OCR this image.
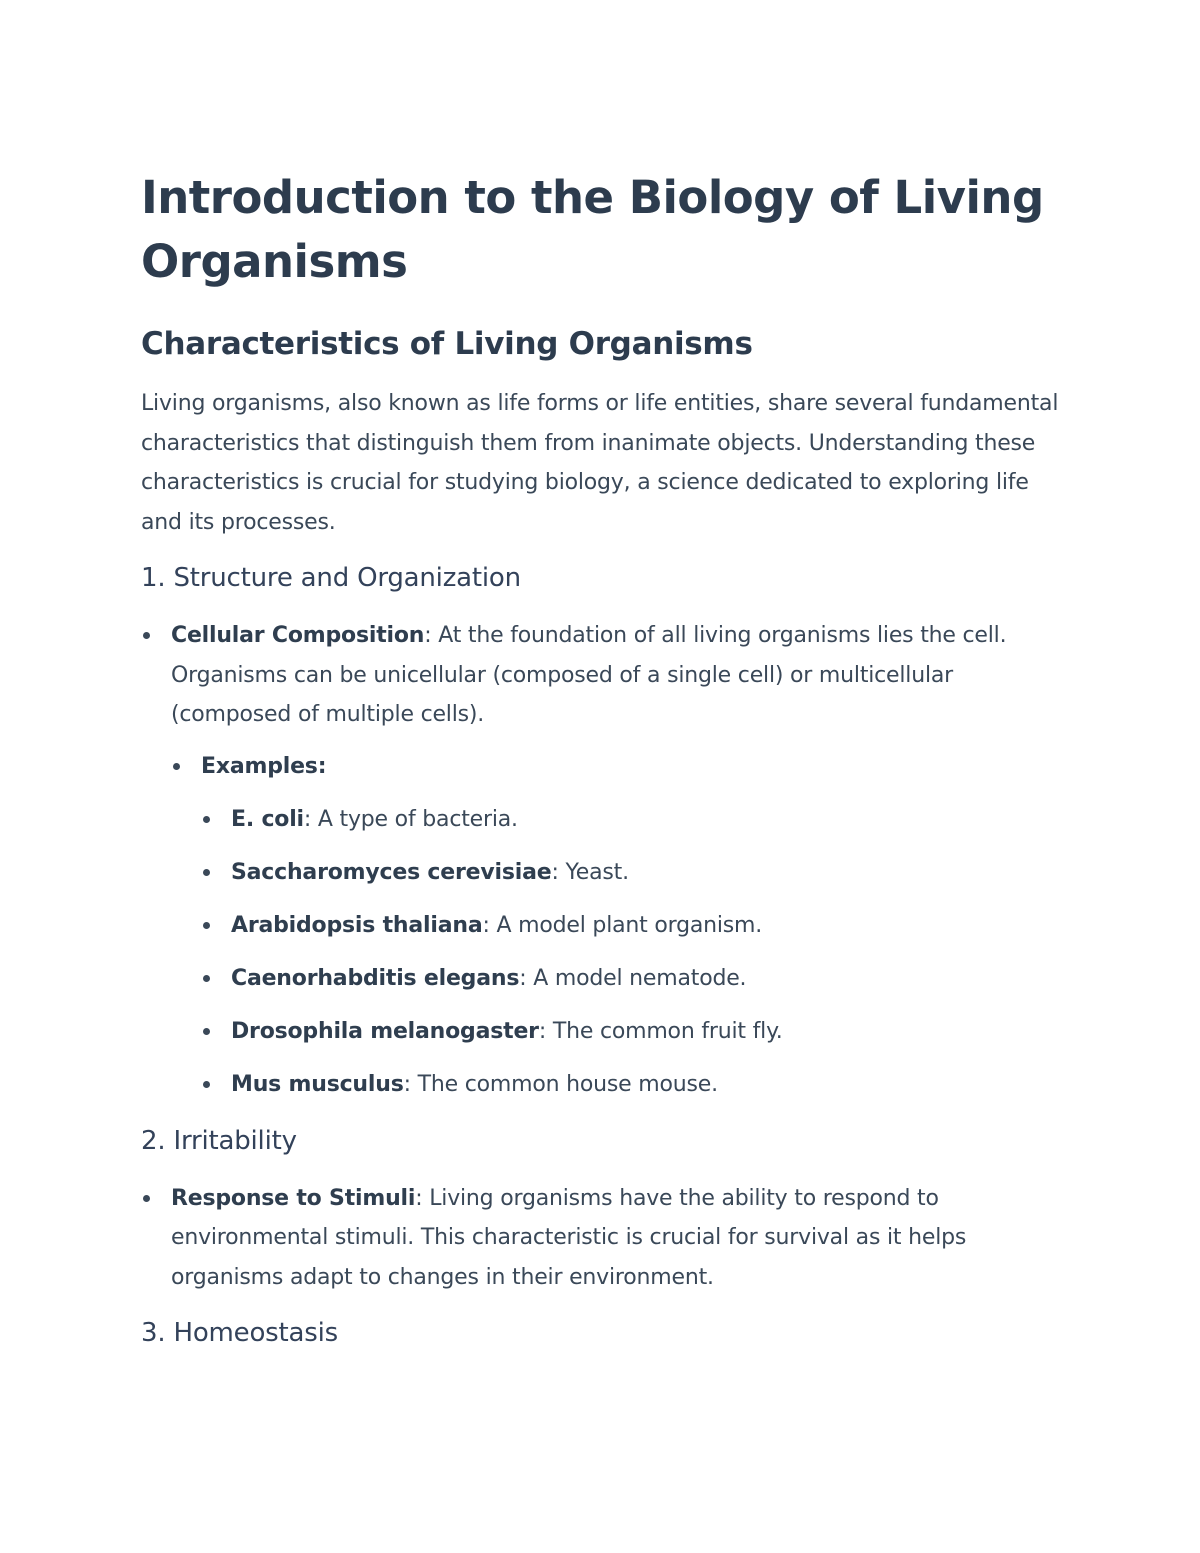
Introduction to the Biology of Living Organisms
Characteristics of Living Organisms

Living organisms, also known as life forms or life entities, share several fundamental characteristics that distinguish them from inanimate objects. Understanding these characteristics is crucial for studying biology, a science dedicated to exploring life and its processes.

1. Structure and Organization
Cellular Composition: At the foundation of all living organisms lies the cell. Organisms can be unicellular (composed of a single cell) or multicellular (composed of multiple cells).
Examples:
E. coli: A type of bacteria.
Saccharomyces cerevisiae: Yeast.
Arabidopsis thaliana: A model plant organism.
Caenorhabditis elegans: A model nematode.
Drosophila melanogaster: The common fruit fly.
Mus musculus: The common house mouse.
2. Irritability
Response to Stimuli: Living organisms have the ability to respond to environmental stimuli. This characteristic is crucial for survival as it helps organisms adapt to changes in their environment.
3. Homeostasis
